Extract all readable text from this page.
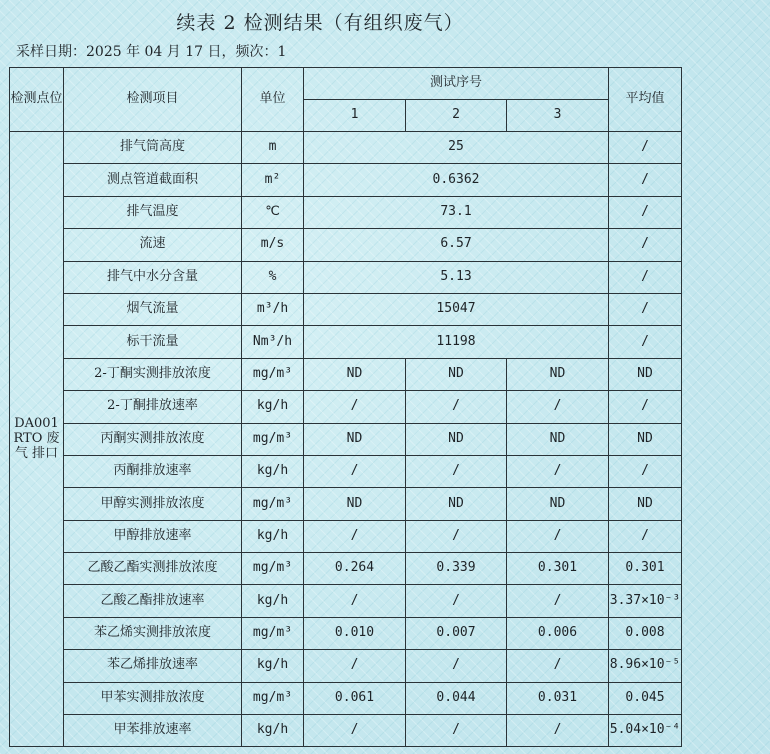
续表 2 检测结果（有组织废气）
采样日期：2025 年 04 月 17 日，频次：1
检测点位	检测项目	单位	测试序号			平均值
			1	2	3	
DA001 RTO 废气 排口	排气筒高度	m	25			/
	测点管道截面积	m²	0.6362			/
	排气温度	℃	73.1			/
	流速	m/s	6.57			/
	排气中水分含量	%	5.13			/
	烟气流量	m³/h	15047			/
	标干流量	Nm³/h	11198			/
	2-丁酮实测排放浓度	mg/m³	ND	ND	ND	ND
	2-丁酮排放速率	kg/h	/	/	/	/
	丙酮实测排放浓度	mg/m³	ND	ND	ND	ND
	丙酮排放速率	kg/h	/	/	/	/
	甲醇实测排放浓度	mg/m³	ND	ND	ND	ND
	甲醇排放速率	kg/h	/	/	/	/
	乙酸乙酯实测排放浓度	mg/m³	0.264	0.339	0.301	0.301
	乙酸乙酯排放速率	kg/h	/	/	/	3.37×10⁻³
	苯乙烯实测排放浓度	mg/m³	0.010	0.007	0.006	0.008
	苯乙烯排放速率	kg/h	/	/	/	8.96×10⁻⁵
	甲苯实测排放浓度	mg/m³	0.061	0.044	0.031	0.045
	甲苯排放速率	kg/h	/	/	/	5.04×10⁻⁴
